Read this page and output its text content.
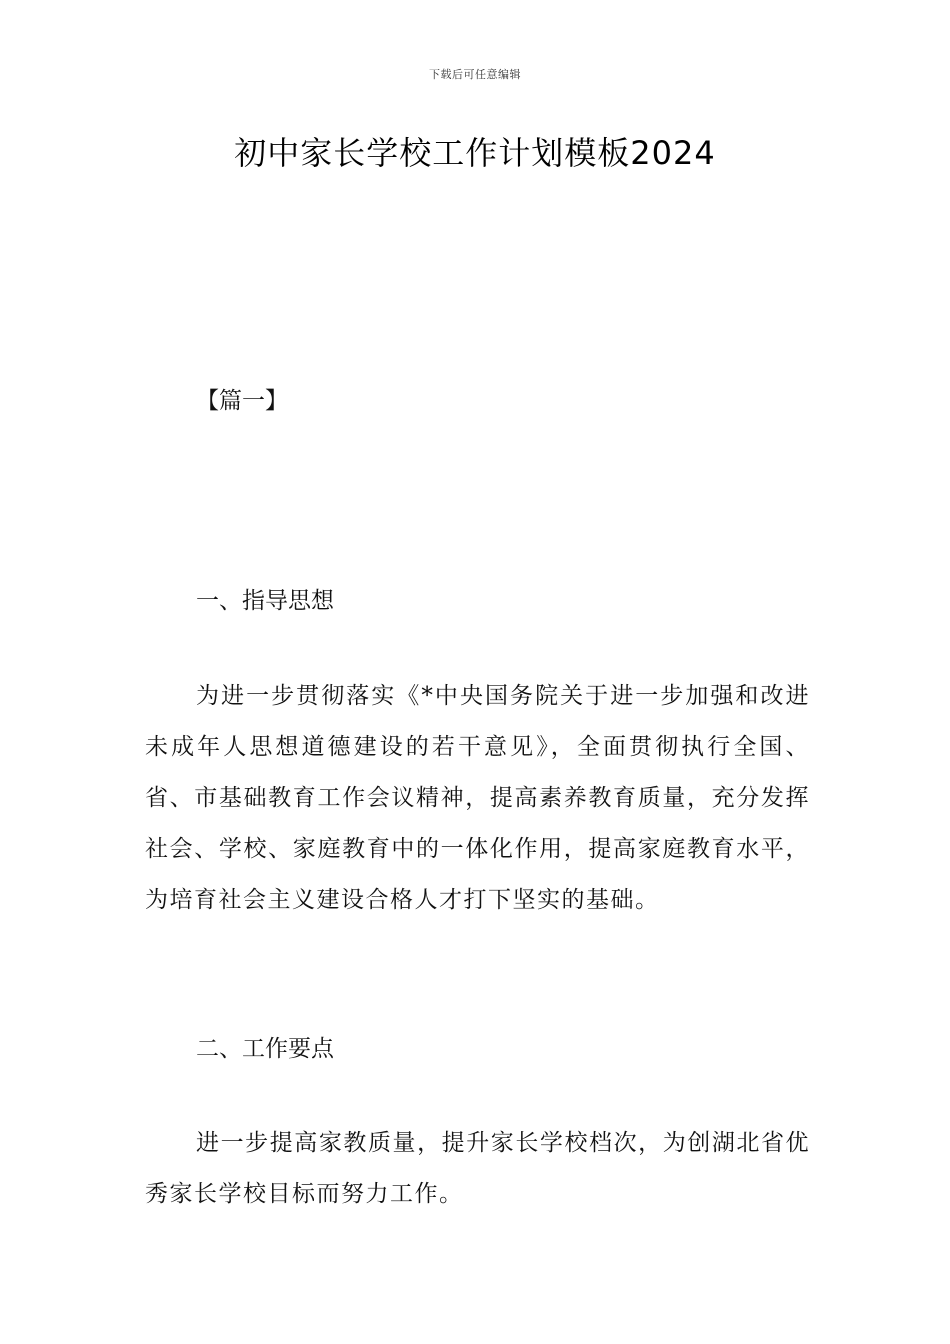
下载后可任意编辑
初中家长学校工作计划模板2024

【篇一】

一、指导思想

为进一步贯彻落实《*中央国务院关于进一步加强和改进未成年人思想道德建设的若干意见》，全面贯彻执行全国、省、市基础教育工作会议精神，提高素养教育质量，充分发挥社会、学校、家庭教育中的一体化作用，提高家庭教育水平，为培育社会主义建设合格人才打下坚实的基础。

二、工作要点

进一步提高家教质量，提升家长学校档次，为创湖北省优秀家长学校目标而努力工作。
